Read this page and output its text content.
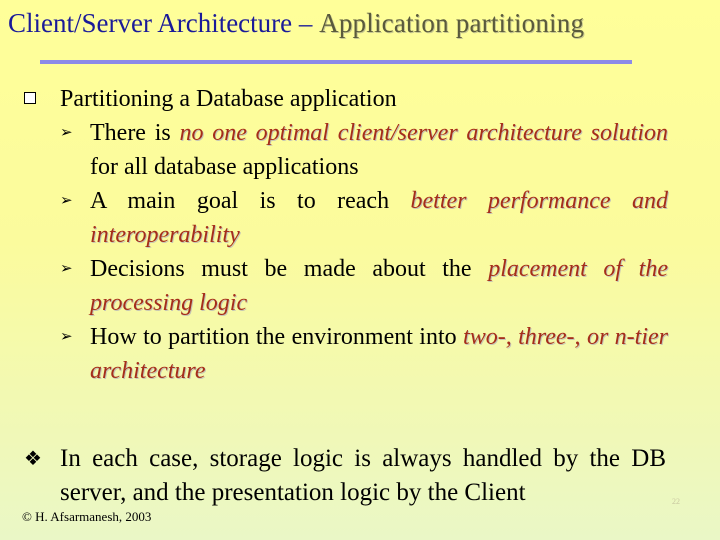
Client/Server Architecture – Application partitioning
Partitioning a Database application
➢ There is no one optimal client/server architecture solution for all database applications
➢ A main goal is to reach better performance and interoperability
➢ Decisions must be made about the placement of the processing logic
➢ How to partition the environment into two-, three-, or n-tier architecture
❖ In each case, storage logic is always handled by the DB server, and the presentation logic by the Client
© H. Afsarmanesh, 2003
22
